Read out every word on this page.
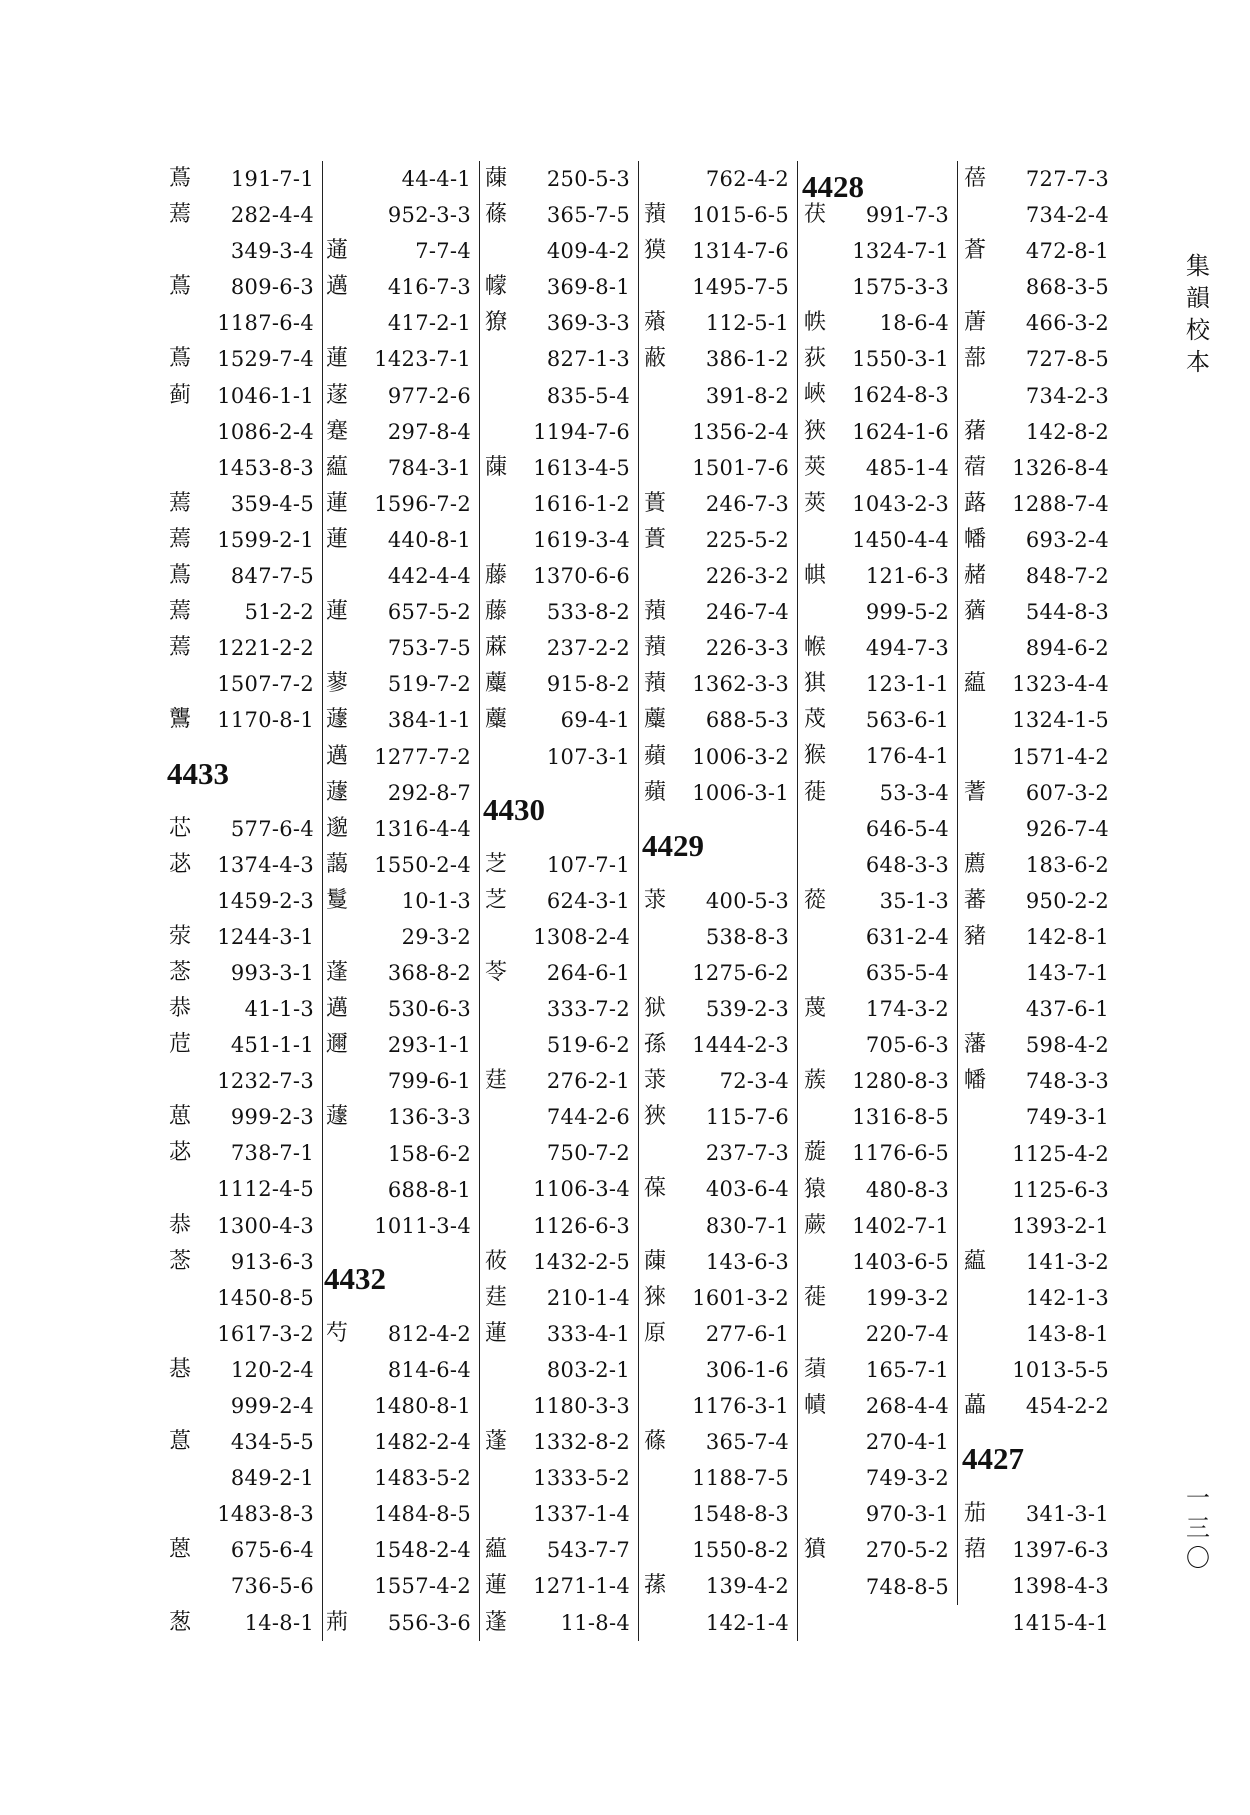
集
韻
校
本
一
三
〇
蔦 191-7-1
蔫 282-4-4
349-3-4
蔦 809-6-3
1187-6-4
蔦 1529-7-4
蓟 1046-1-1
1086-2-4
1453-8-3
蔫 359-4-5
蔫 1599-2-1
蔦 847-7-5
蔫	51-2-2
蔫 1221-2-2
1507-7-2
鸗 1170-8-1
4433
芯 577-6-4
苾 1374-4-3
1459-2-3
荥 1244-3-1
菍 993-3-1
恭	41-1-3
苊 451-1-1
1232-7-3
葸 999-2-3
苾 738-7-1
1112-4-5
恭 1300-4-3
菍 913-6-3
1450-8-5
1617-3-2
惎 120-2-4
999-2-4
蒠 434-5-5
849-2-1
1483-8-3
蒽 675-6-4
736-5-6
葱	14-8-1
44-4-1
952-3-3
蓪	7-7-4
邁 416-7-3
417-2-1
蓮 1423-7-1
蓫 977-2-6
蹇 297-8-4
藴 784-3-1
蓮 1596-7-2
蓮 440-8-1
442-4-4
蓮 657-5-2
753-7-5
蓼 519-7-2
蘧 384-1-1
邁 1277-7-2
蘧 292-8-7
邈 1316-4-4
藹 1550-2-4
鬘	10-1-3
29-3-2
蓬 368-8-2
邁 530-6-3
邇 293-1-1
799-6-1
蘧 136-3-3
158-6-2
688-8-1
1011-3-4
4432
芍 812-4-2
814-6-4
1480-8-1
1482-2-4
1483-5-2
1484-8-5
1548-2-4
1557-4-2
荊 556-3-6
蔯 250-5-3
蓧 365-7-5
409-4-2
幪 369-8-1
獠 369-3-3
827-1-3
835-5-4
1194-7-6
蔯 1613-4-5
1616-1-2
1619-3-4
藤 1370-6-6
藤 533-8-2
蔴 237-2-2
蘪 915-8-2
蘪	69-4-1
107-3-1
4430
芝 107-7-1
芝 624-3-1
1308-2-4
苓 264-6-1
333-7-2
519-6-2
莛 276-2-1
744-2-6
750-7-2
1106-3-4
1126-6-3
莜 1432-2-5
莛 210-1-4
蓮 333-4-1
803-2-1
1180-3-3
蓬 1332-8-2
1333-5-2
1337-1-4
藴 543-7-7
蓮 1271-1-4
蓬	11-8-4
762-4-2
蕷 1015-6-5
獏 1314-7-6
1495-7-5
薞 112-5-1
蔽 386-1-2
391-8-2
1356-2-4
1501-7-6
蕢 246-7-3
蕢 225-5-2
226-3-2
蕷 246-7-4
蕷 226-3-3
蕷 1362-3-3
蘪 688-5-3
蘋 1006-3-2
蘋 1006-3-1
4429
莍 400-5-3
538-8-3
1275-6-2
狱 539-2-3
孫 1444-2-3
莍	72-3-4
狹 115-7-6
237-7-3
葆 403-6-4
830-7-1
蔯 143-6-3
猍 1601-3-2
原 277-6-1
306-1-6
1176-3-1
蓧 365-7-4
1188-7-5
1548-8-3
1550-8-2
蓀 139-4-2
142-1-4
4428
茯 991-7-3
1324-7-1
1575-3-3
帙	18-6-4
荻 1550-3-1
峽 1624-8-3
狹 1624-1-6
莢 485-1-4
莢 1043-2-3
1450-4-4
帺 121-6-3
999-5-2
帿 494-7-3
猉 123-1-1
荗 563-6-1
猴 176-4-1
蓰	53-3-4
646-5-4
648-3-3
蓯	35-1-3
631-2-4
635-5-4
蔑 174-3-2
705-6-3
蔟 1280-8-3
1316-8-5
蔙 1176-6-5
猿 480-8-3
蕨 1402-7-1
1403-6-5
蓰 199-3-2
220-7-4
蕦 165-7-1
幘 268-4-4
270-4-1
749-3-2
970-3-1
獖 270-5-2
748-8-5
蓓 727-7-3
734-2-4
蒼 472-8-1
868-3-5
蓎 466-3-2
蔀 727-8-5
734-2-3
蕏 142-8-2
蓿 1326-8-4
蕗 1288-7-4
幡 693-2-4
赭 848-7-2
蕕 544-8-3
894-6-2
藴 1323-4-4
1324-1-5
1571-4-2
蓍 607-3-2
926-7-4
薦 183-6-2
蕃 950-2-2
豬 142-8-1
143-7-1
437-6-1
藩 598-4-2
幡 748-3-3
749-3-1
1125-4-2
1125-6-3
1393-2-1
藴 141-3-2
142-1-3
143-8-1
1013-5-5
藟 454-2-2
4427
茄 341-3-1
萔 1397-6-3
1398-4-3
1415-4-1
